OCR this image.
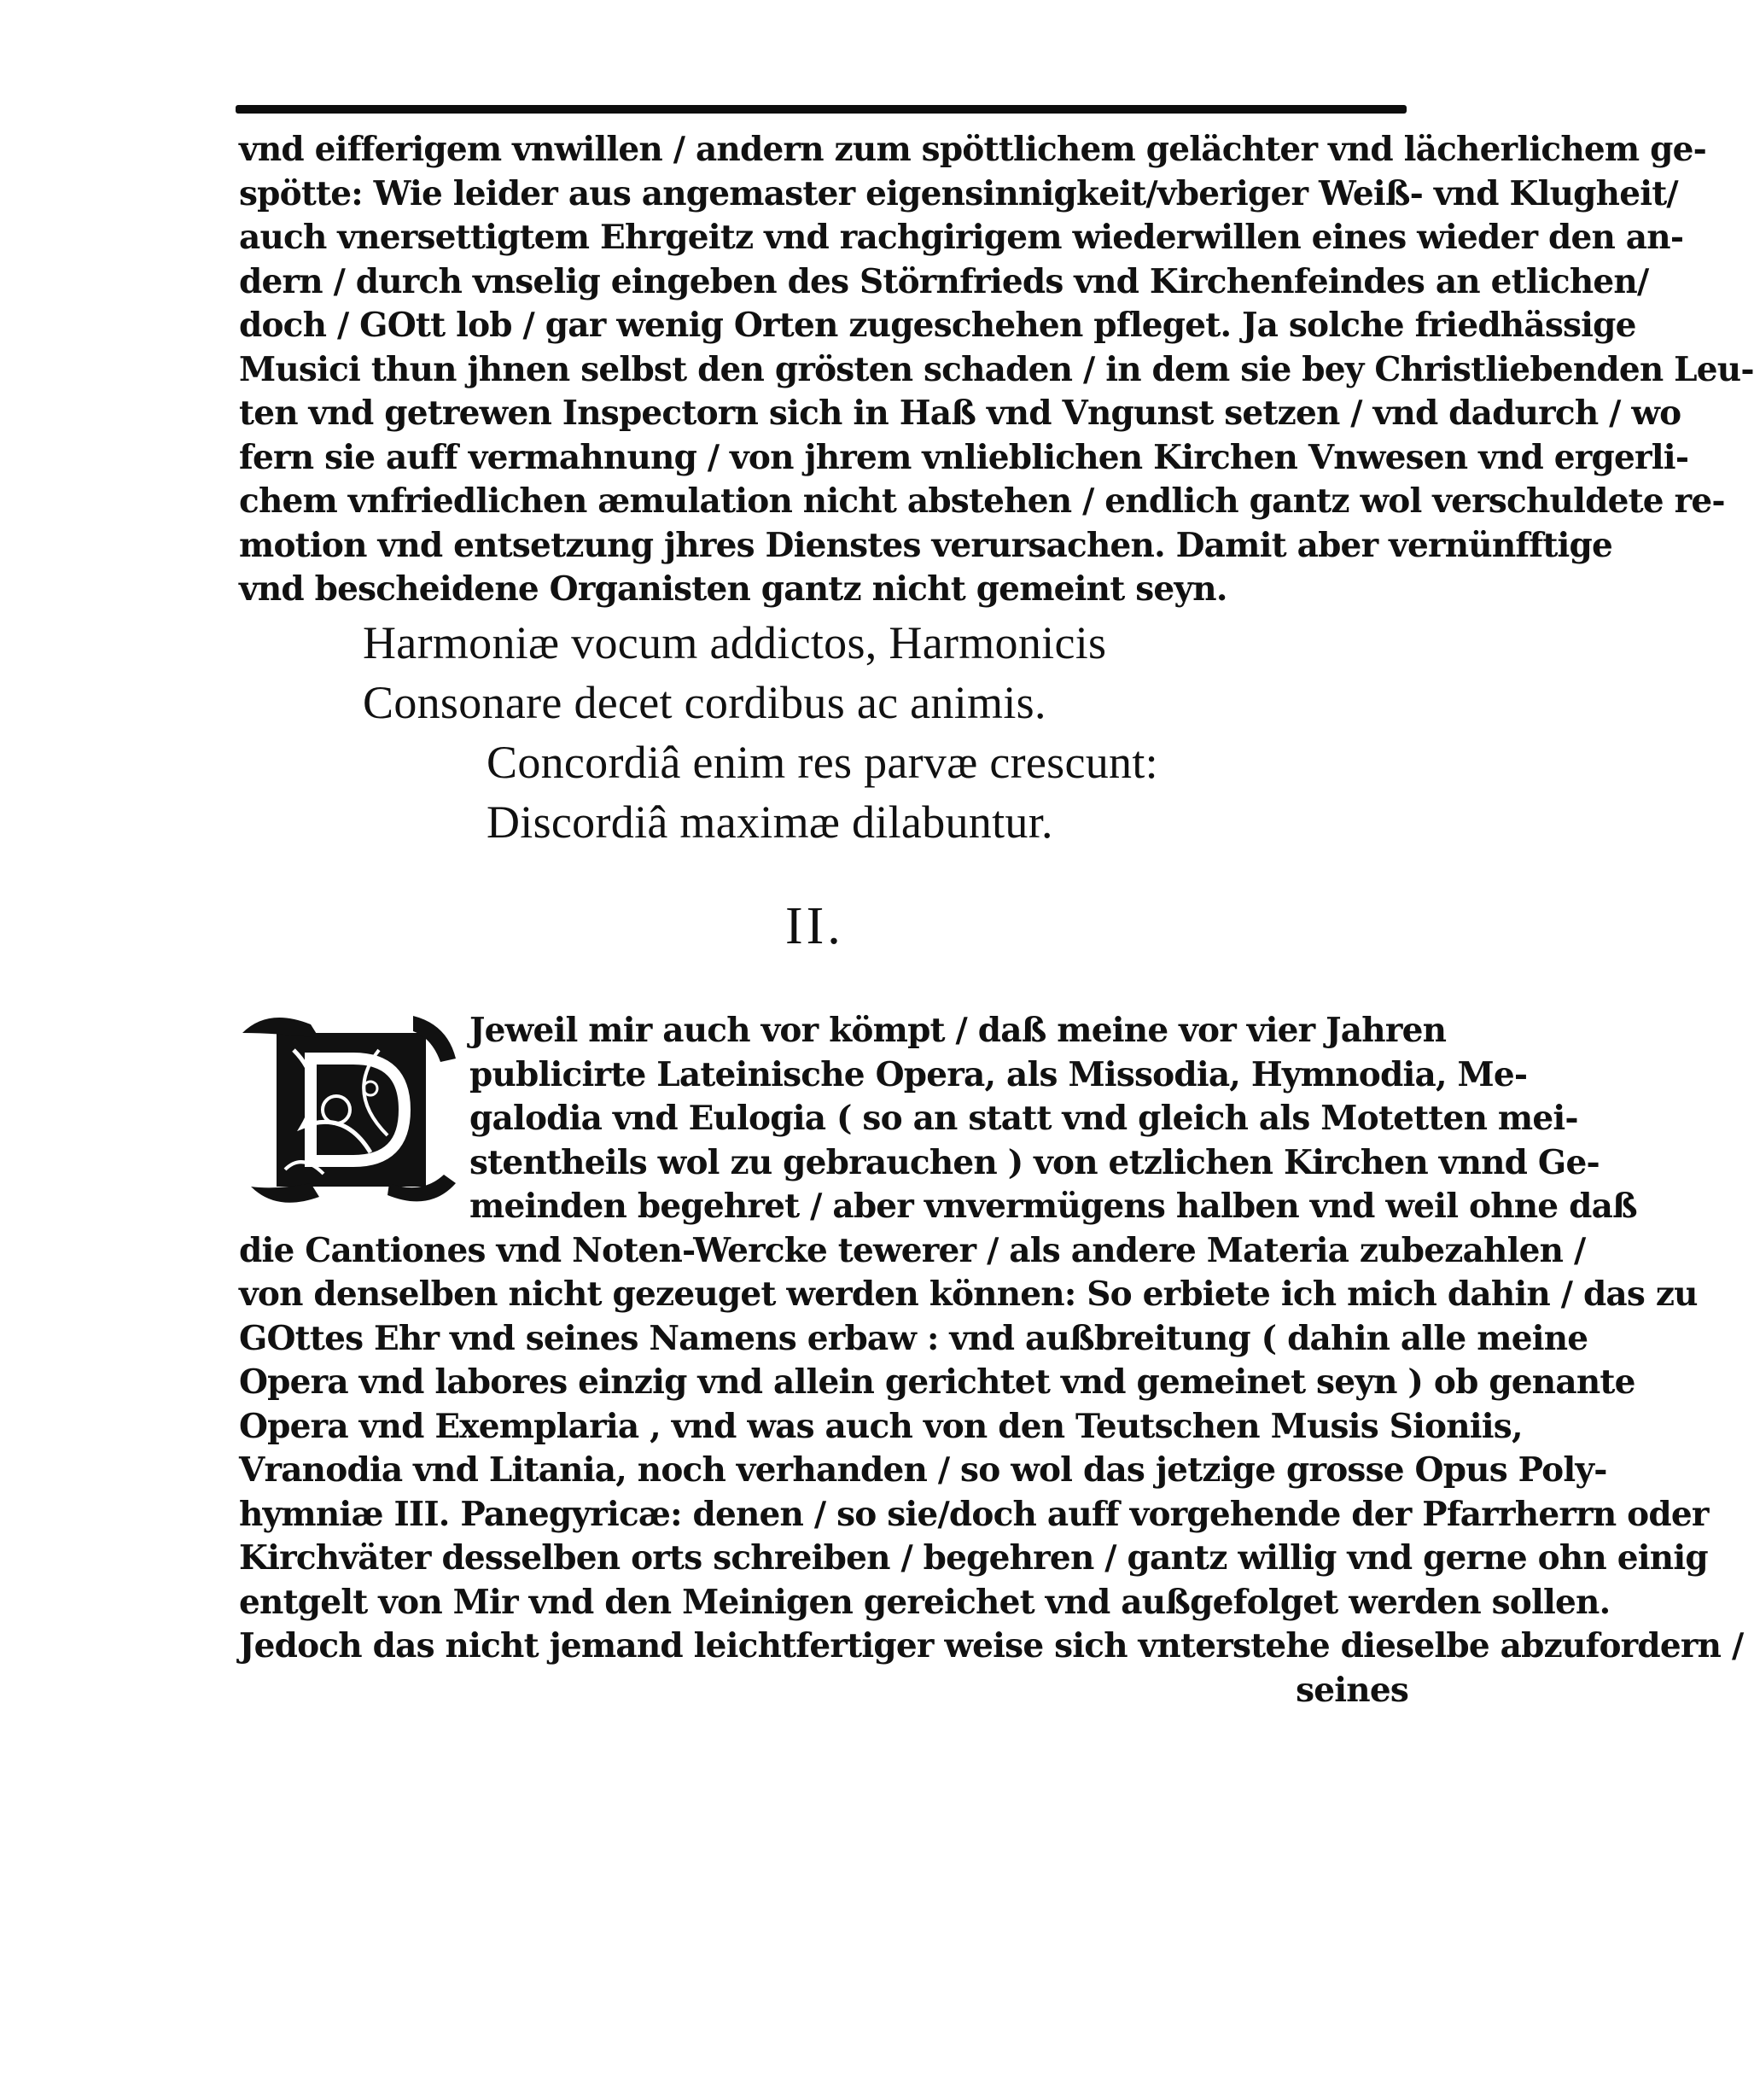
vnd eifferigem vnwillen / andern zum spöttlichem gelächter vnd lächerlichem ge-
spötte: Wie leider aus angemaster eigensinnigkeit/vberiger Weiß- vnd Klugheit/
auch vnersettigtem Ehrgeitz vnd rachgirigem wiederwillen eines wieder den an-
dern / durch vnselig eingeben des Störnfrieds vnd Kirchenfeindes an etlichen/
doch / GOtt lob / gar wenig Orten zugeschehen pfleget. Ja solche friedhässige
Musici thun jhnen selbst den grösten schaden / in dem sie bey Christliebenden Leu-
ten vnd getrewen Inspectorn sich in Haß vnd Vngunst setzen / vnd dadurch / wo
fern sie auff vermahnung / von jhrem vnlieblichen Kirchen Vnwesen vnd ergerli-
chem vnfriedlichen æmulation nicht abstehen / endlich gantz wol verschuldete re-
motion vnd entsetzung jhres Dienstes verursachen. Damit aber vernünfftige
vnd bescheidene Organisten gantz nicht gemeint seyn.
Harmoniæ vocum addictos, Harmonicis
Consonare decet cordibus ac animis.
Concordiâ enim res parvæ crescunt:
Discordiâ maximæ dilabuntur.
II.
Jeweil mir auch vor kömpt / daß meine vor vier Jahren
publicirte Lateinische Opera, als Missodia, Hymnodia, Me-
galodia vnd Eulogia ( so an statt vnd gleich als Motetten mei-
stentheils wol zu gebrauchen ) von etzlichen Kirchen vnnd Ge-
meinden begehret / aber vnvermügens halben vnd weil ohne daß
die Cantiones vnd Noten-Wercke tewerer / als andere Materia zubezahlen /
von denselben nicht gezeuget werden können: So erbiete ich mich dahin / das zu
GOttes Ehr vnd seines Namens erbaw : vnd außbreitung ( dahin alle meine
Opera vnd labores einzig vnd allein gerichtet vnd gemeinet seyn ) ob genante
Opera vnd Exemplaria , vnd was auch von den Teutschen Musis Sioniis,
Vranodia vnd Litania, noch verhanden / so wol das jetzige grosse Opus Poly-
hymniæ III. Panegyricæ: denen / so sie/doch auff vorgehende der Pfarrherrn oder
Kirchväter desselben orts schreiben / begehren / gantz willig vnd gerne ohn einig
entgelt von Mir vnd den Meinigen gereichet vnd außgefolget werden sollen.
Jedoch das nicht jemand leichtfertiger weise sich vnterstehe dieselbe abzufordern /
seines
